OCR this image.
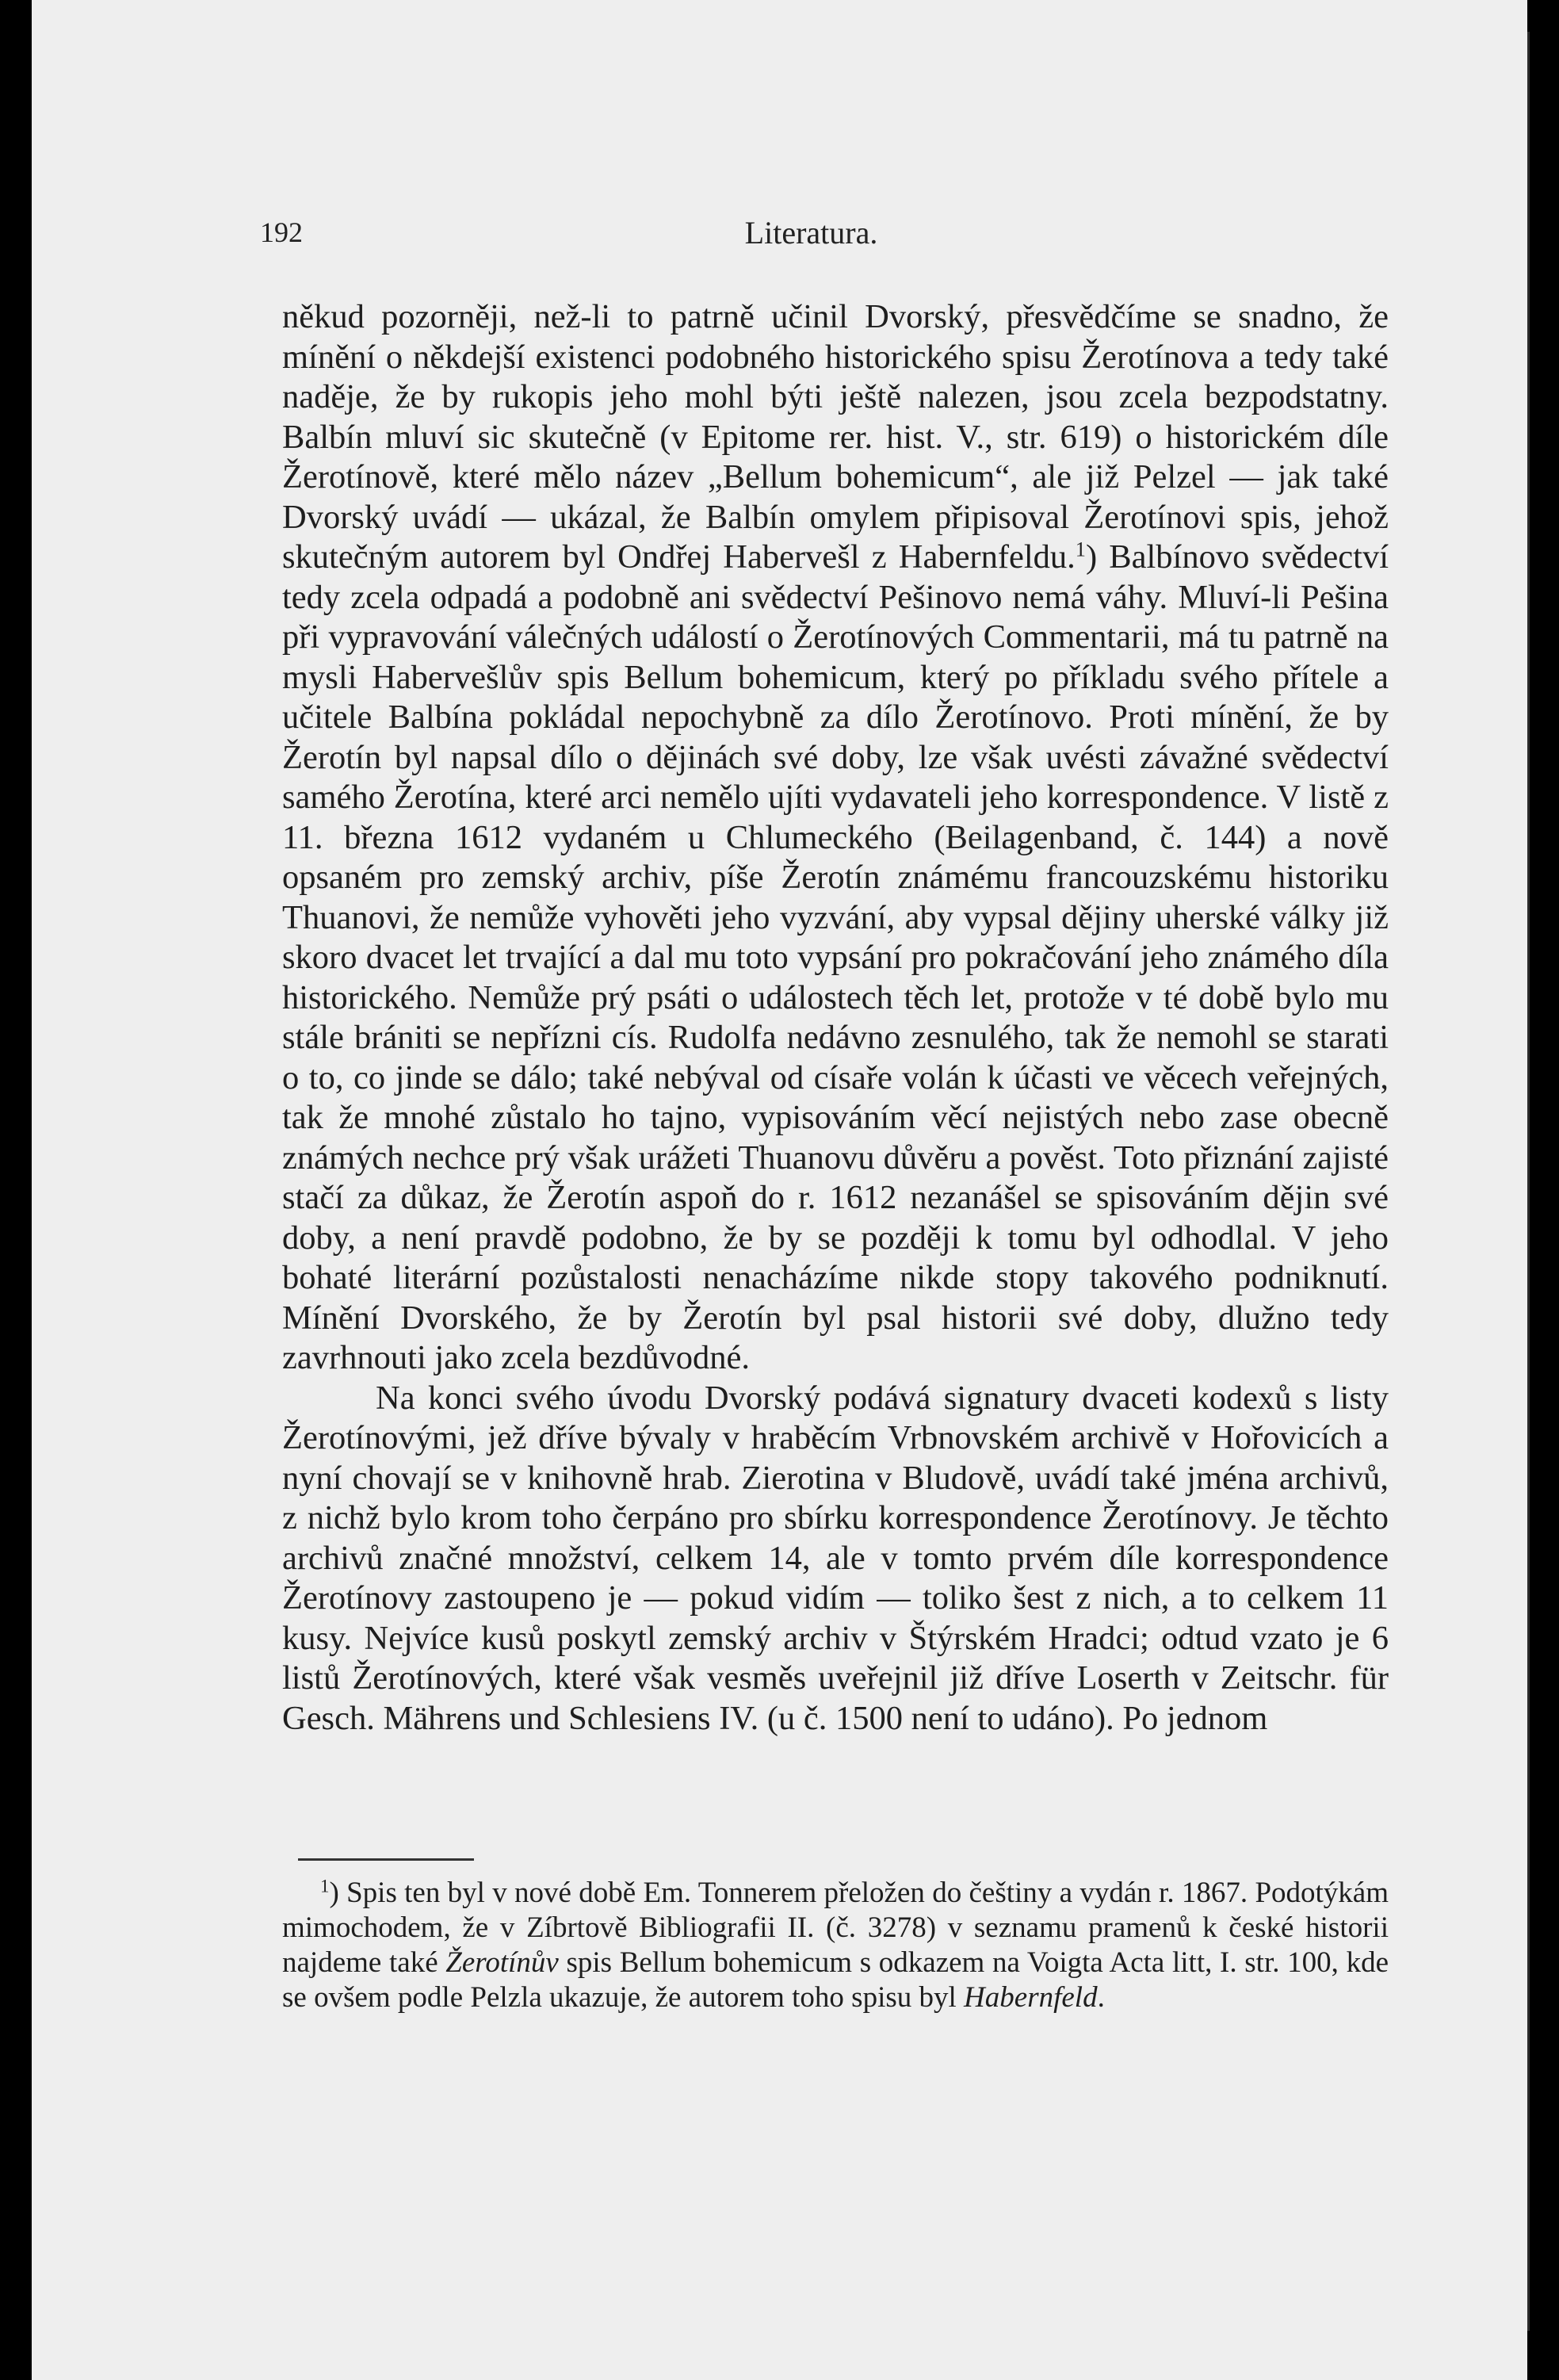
192	Literatura.

někud pozorněji, než-li to patrně učinil Dvorský, přesvědčíme se snadno, že mínění o někdejší existenci podobného historického spisu Žerotínova a tedy také naděje, že by rukopis jeho mohl býti ještě nalezen, jsou zcela bezpodstatny. Balbín mluví sic skutečně (v Epitome rer. hist. V., str. 619) o historickém díle Žerotínově, které mělo název „Bellum bohemicum“, ale již Pelzel — jak také Dvorský uvádí — ukázal, že Balbín omylem připisoval Žerotínovi spis, jehož skutečným autorem byl Ondřej Habervešl z Habernfeldu.$^1$) Balbínovo svědectví tedy zcela odpadá a podobně ani svědectví Pešinovo nemá váhy. Mluví-li Pešina při vypravování válečných událostí o Žerotínových Commentarii, má tu patrně na mysli Habervešlův spis Bellum bohemicum, který po příkladu svého přítele a učitele Balbína pokládal nepochybně za dílo Žerotínovo. Proti mínění, že by Žerotín byl napsal dílo o dějinách své doby, lze však uvésti závažné svědectví samého Žerotína, které arci nemělo ujíti vydavateli jeho korrespondence. V listě z 11. března 1612 vydaném u Chlumeckého (Beilagenband, č. 144) a nově opsaném pro zemský archiv, píše Žerotín známému francouzskému historiku Thuanovi, že nemůže vyhověti jeho vyzvání, aby vypsal dějiny uherské války již skoro dvacet let trvající a dal mu toto vypsání pro pokračování jeho známého díla historického. Nemůže prý psáti o událostech těch let, protože v té době bylo mu stále brániti se nepřízni cís. Rudolfa nedávno zesnulého, tak že nemohl se starati o to, co jinde se dálo; také nebýval od císaře volán k účasti ve věcech veřejných, tak že mnohé zůstalo ho tajno, vypisováním věcí nejistých nebo zase obecně známých nechce prý však urážeti Thuanovu důvěru a pověst. Toto přiznání zajisté stačí za důkaz, že Žerotín aspoň do r. 1612 nezanášel se spisováním dějin své doby, a není pravdě podobno, že by se později k tomu byl odhodlal. V jeho bohaté literární pozůstalosti nenacházíme nikde stopy takového podniknutí. Mínění Dvorského, že by Žerotín byl psal historii své doby, dlužno tedy zavrhnouti jako zcela bezdůvodné.

Na konci svého úvodu Dvorský podává signatury dvaceti kodexů s listy Žerotínovými, jež dříve bývaly v hraběcím Vrbnovském archivě v Hořovicích a nyní chovají se v knihovně hrab. Zierotina v Bludově, uvádí také jména archivů, z nichž bylo krom toho čerpáno pro sbírku korrespondence Žerotínovy. Je těchto archivů značné množství, celkem 14, ale v tomto prvém díle korrespondence Žerotínovy zastoupeno je — pokud vidím — toliko šest z nich, a to celkem 11 kusy. Nejvíce kusů poskytl zemský archiv v Štýrském Hradci; odtud vzato je 6 listů Žerotínových, které však vesměs uveřejnil již dříve Loserth v Zeitschr. für Gesch. Mährens und Schlesiens IV. (u č. 1500 není to udáno). Po jednom

$^1$) Spis ten byl v nové době Em. Tonnerem přeložen do češtiny a vydán r. 1867. Podotýkám mimochodem, že v Zíbrtově Bibliografii II. (č. 3278) v seznamu pramenů k české historii najdeme také Žerotínův spis Bellum bohemicum s odkazem na Voigta Acta litt, I. str. 100, kde se ovšem podle Pelzla ukazuje, že autorem toho spisu byl Habernfeld.
